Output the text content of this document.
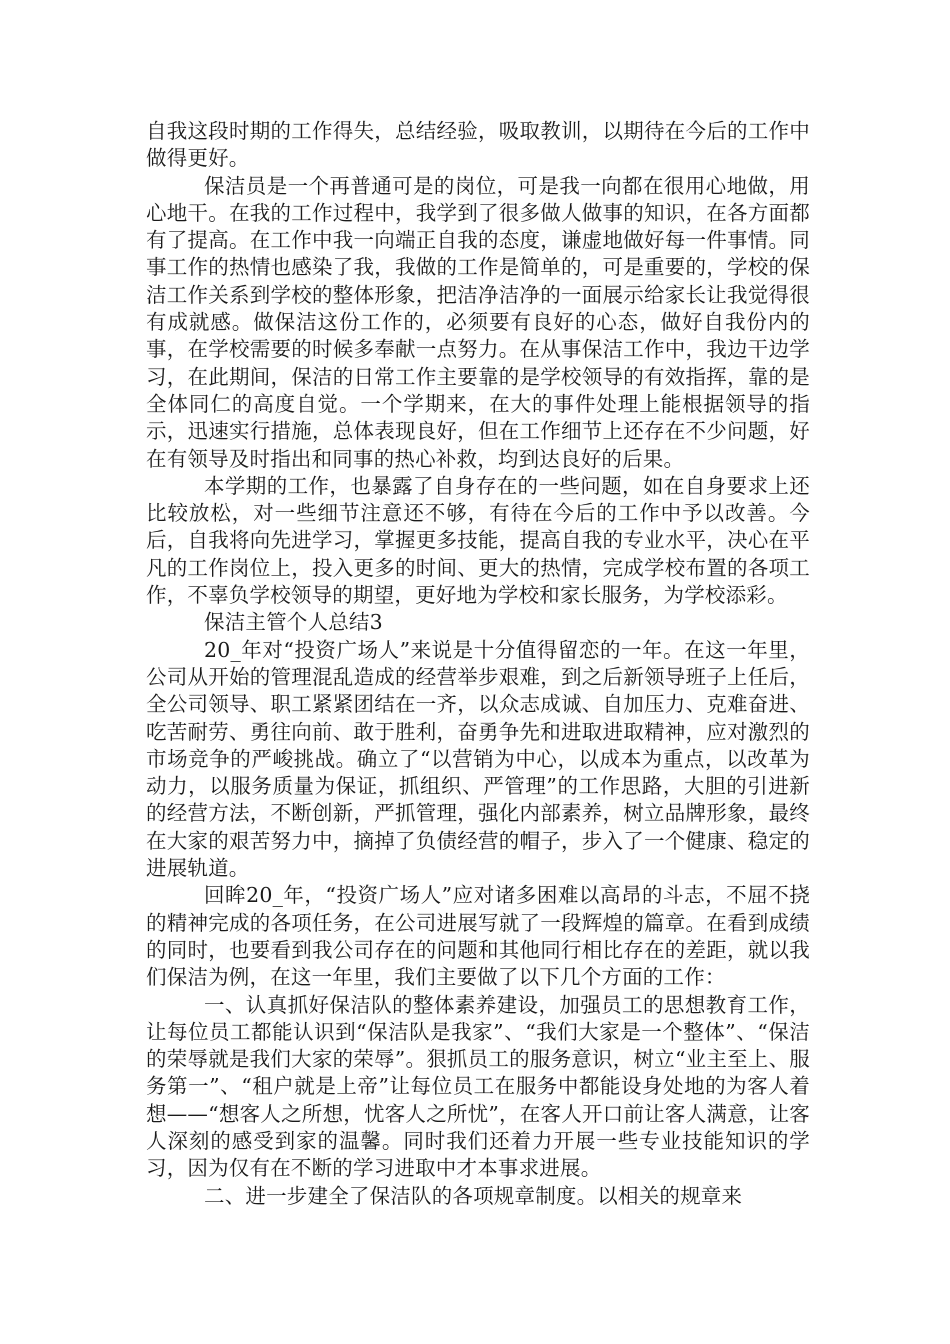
自我这段时期的工作得失，总结经验，吸取教训，以期待在今后的工作中做得更好。

保洁员是一个再普通可是的岗位，可是我一向都在很用心地做，用心地干。在我的工作过程中，我学到了很多做人做事的知识，在各方面都有了提高。在工作中我一向端正自我的态度，谦虚地做好每一件事情。同事工作的热情也感染了我，我做的工作是简单的，可是重要的，学校的保洁工作关系到学校的整体形象，把洁净洁净的一面展示给家长让我觉得很有成就感。做保洁这份工作的，必须要有良好的心态，做好自我份内的事，在学校需要的时候多奉献一点努力。在从事保洁工作中，我边干边学习，在此期间，保洁的日常工作主要靠的是学校领导的有效指挥，靠的是全体同仁的高度自觉。一个学期来，在大的事件处理上能根据领导的指示，迅速实行措施，总体表现良好，但在工作细节上还存在不少问题，好在有领导及时指出和同事的热心补救，均到达良好的后果。

本学期的工作，也暴露了自身存在的一些问题，如在自身要求上还比较放松，对一些细节注意还不够，有待在今后的工作中予以改善。今后，自我将向先进学习，掌握更多技能，提高自我的专业水平，决心在平凡的工作岗位上，投入更多的时间、更大的热情，完成学校布置的各项工作，不辜负学校领导的期望，更好地为学校和家长服务，为学校添彩。

保洁主管个人总结3

20_年对“投资广场人”来说是十分值得留恋的一年。在这一年里，公司从开始的管理混乱造成的经营举步艰难，到之后新领导班子上任后，全公司领导、职工紧紧团结在一齐，以众志成诚、自加压力、克难奋进、吃苦耐劳、勇往向前、敢于胜利，奋勇争先和进取进取精神，应对激烈的市场竞争的严峻挑战。确立了“以营销为中心，以成本为重点，以改革为动力，以服务质量为保证，抓组织、严管理”的工作思路，大胆的引进新的经营方法，不断创新，严抓管理，强化内部素养，树立品牌形象，最终在大家的艰苦努力中，摘掉了负债经营的帽子，步入了一个健康、稳定的进展轨道。

回眸20_年，“投资广场人”应对诸多困难以高昂的斗志，不屈不挠的精神完成的各项任务，在公司进展写就了一段辉煌的篇章。在看到成绩的同时，也要看到我公司存在的问题和其他同行相比存在的差距，就以我们保洁为例，在这一年里，我们主要做了以下几个方面的工作：

一、认真抓好保洁队的整体素养建设，加强员工的思想教育工作，让每位员工都能认识到“保洁队是我家”、“我们大家是一个整体”、“保洁的荣辱就是我们大家的荣辱”。狠抓员工的服务意识，树立“业主至上、服务第一”、“租户就是上帝”让每位员工在服务中都能设身处地的为客人着想——“想客人之所想，忧客人之所忧”，在客人开口前让客人满意，让客人深刻的感受到家的温馨。同时我们还着力开展一些专业技能知识的学习，因为仅有在不断的学习进取中才本事求进展。

二、进一步建全了保洁队的各项规章制度。以相关的规章来
